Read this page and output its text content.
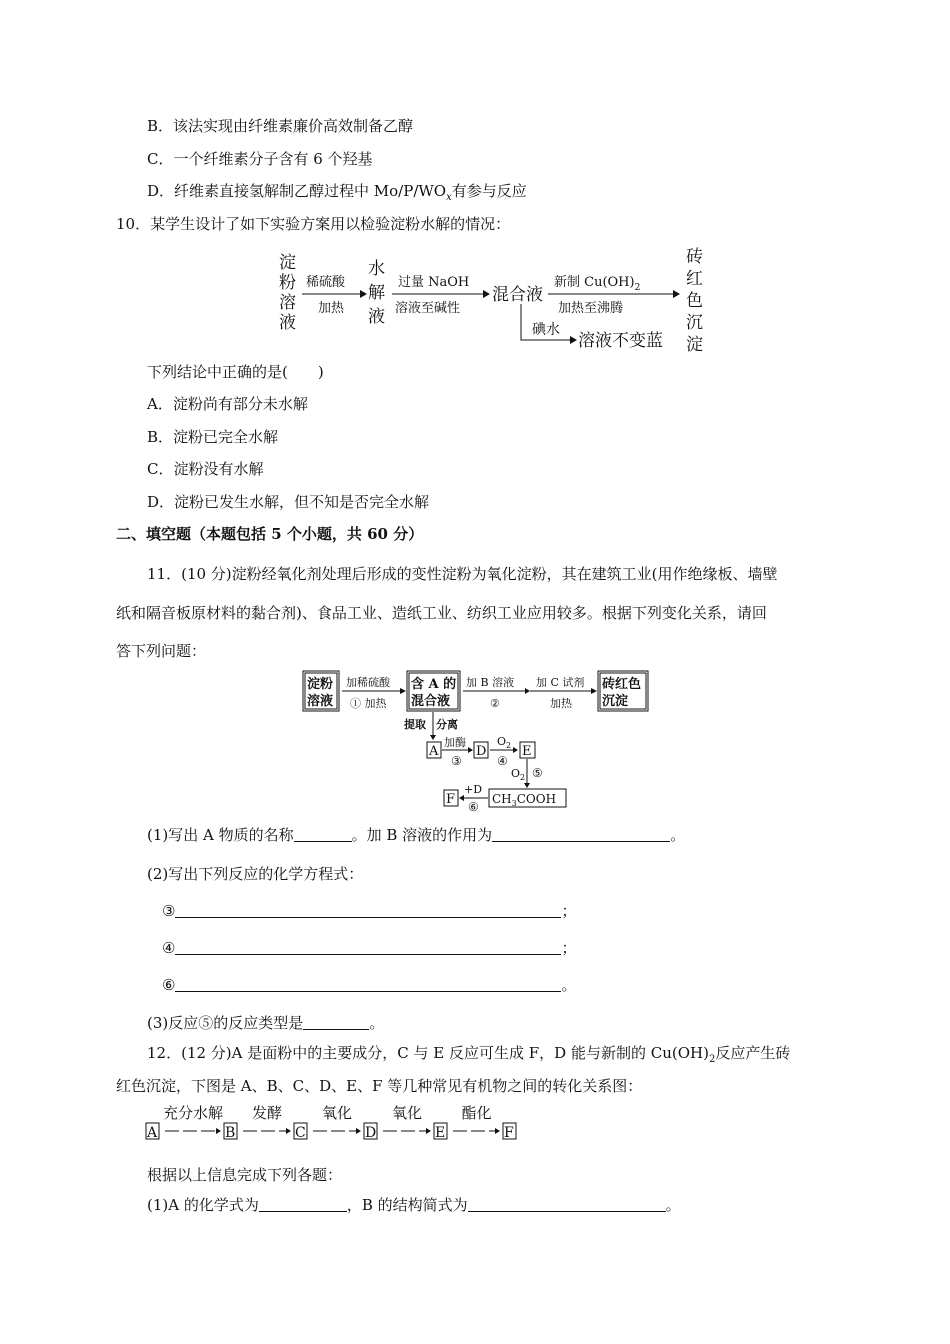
B．该法实现由纤维素廉价高效制备乙醇
C．一个纤维素分子含有 6 个羟基
D．纤维素直接氢解制乙醇过程中 $Mo/P/WO_x$有参与反应
10．某学生设计了如下实验方案用以检验淀粉水解的情况：
淀
粉
溶
液
稀硫酸
加热
水
解
液
过量 NaOH
溶液至碱性
混合液
新制 $Cu(OH)_2$
加热至沸腾
砖
红
色
沉
淀
碘水
溶液不变蓝
下列结论中正确的是(　　)
A．淀粉尚有部分未水解
B．淀粉已完全水解
C．淀粉没有水解
D．淀粉已发生水解，但不知是否完全水解
二、填空题（本题包括 5 个小题，共 60 分）
11．(10 分)淀粉经氧化剂处理后形成的变性淀粉为氧化淀粉，其在建筑工业(用作绝缘板、墙壁
纸和隔音板原材料的黏合剂)、食品工业、造纸工业、纺织工业应用较多。根据下列变化关系，请回
答下列问题：
淀粉
溶液
含 A 的
混合液
砖红色
沉淀
加稀硫酸
① 加热
加 B 溶液
②
加 C 试剂
加热
提取 分离
A
加酶
③
D
$O_2$
④
E
$O_2$ ⑤
$CH_3COOH$
F
+D
⑥
(1)写出 A 物质的名称	。加 B 溶液的作用为	。
(2)写出下列反应的化学方程式：
③	；
④	；
⑥	。
(3)反应⑤的反应类型是	。
12．(12 分)A 是面粉中的主要成分，C 与 E 反应可生成 F，D 能与新制的 $Cu(OH)_2$反应产生砖
红色沉淀，下图是 A、B、C、D、E、F 等几种常见有机物之间的转化关系图：
A	B	C	D	E	F
充分水解 发酵	氧化	氧化	酯化
根据以上信息完成下列各题：
(1)A 的化学式为	，B 的结构简式为	。
